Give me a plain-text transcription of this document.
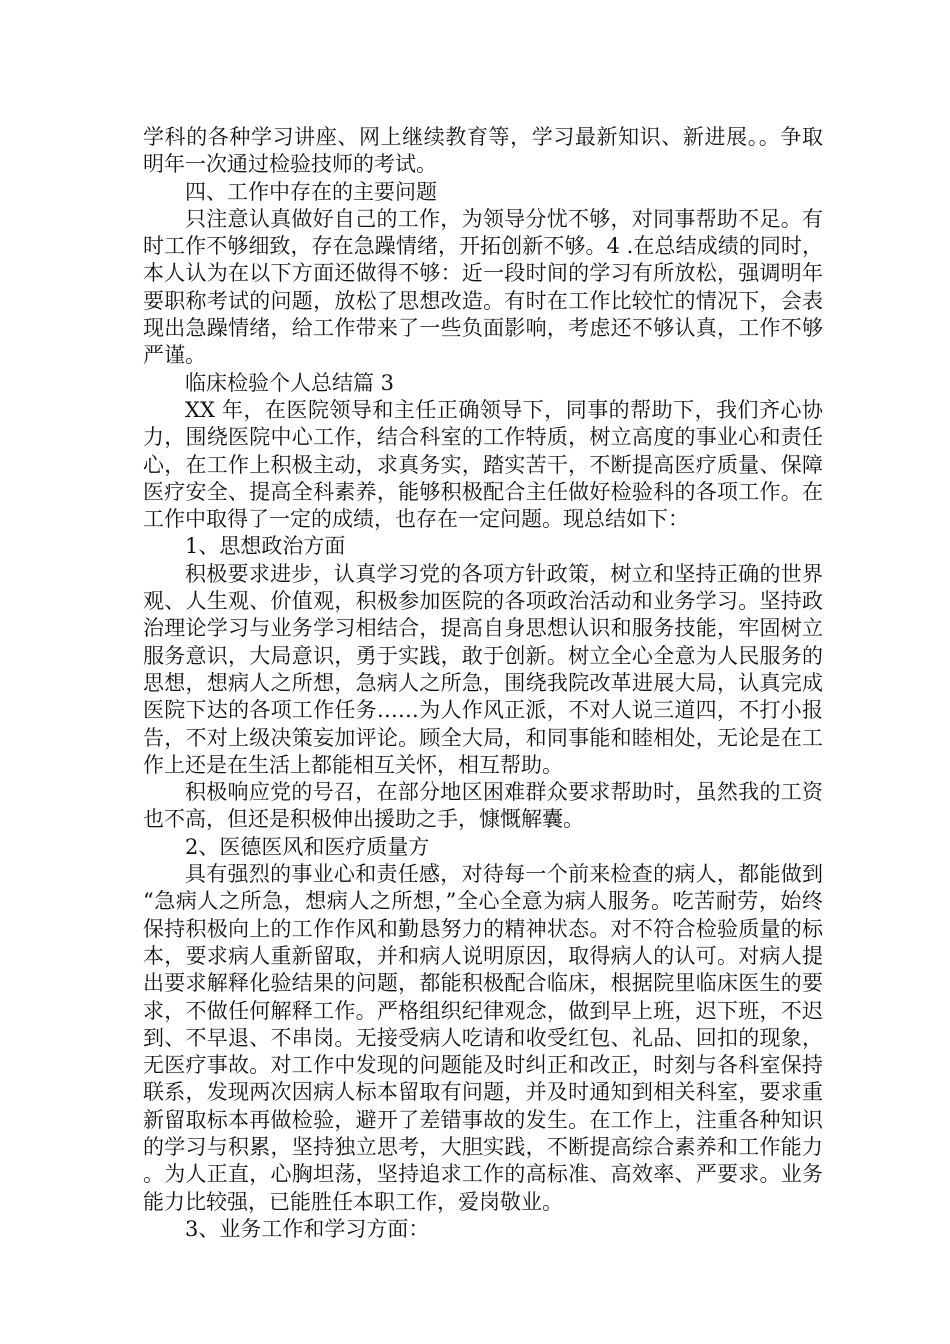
学科的各种学习讲座、网上继续教育等，学习最新知识、新进展。。争取明年一次通过检验技师的考试。

四、工作中存在的主要问题

只注意认真做好自己的工作，为领导分忧不够，对同事帮助不足。有时工作不够细致，存在急躁情绪，开拓创新不够。4 .在总结成绩的同时，本人认为在以下方面还做得不够：近一段时间的学习有所放松，强调明年要职称考试的问题，放松了思想改造。有时在工作比较忙的情况下，会表现出急躁情绪，给工作带来了一些负面影响，考虑还不够认真，工作不够严谨。

临床检验个人总结篇 3

XX 年，在医院领导和主任正确领导下，同事的帮助下，我们齐心协力，围绕医院中心工作，结合科室的工作特质，树立高度的事业心和责任心，在工作上积极主动，求真务实，踏实苦干，不断提高医疗质量、保障医疗安全、提高全科素养，能够积极配合主任做好检验科的各项工作。在工作中取得了一定的成绩，也存在一定问题。现总结如下：

1、思想政治方面

积极要求进步，认真学习党的各项方针政策，树立和坚持正确的世界观、人生观、价值观，积极参加医院的各项政治活动和业务学习。坚持政治理论学习与业务学习相结合，提高自身思想认识和服务技能，牢固树立服务意识，大局意识，勇于实践，敢于创新。树立全心全意为人民服务的思想，想病人之所想，急病人之所急，围绕我院改革进展大局，认真完成医院下达的各项工作任务……为人作风正派，不对人说三道四，不打小报告，不对上级决策妄加评论。顾全大局，和同事能和睦相处，无论是在工作上还是在生活上都能相互关怀，相互帮助。

积极响应党的号召，在部分地区困难群众要求帮助时，虽然我的工资也不高，但还是积极伸出援助之手，慷慨解囊。

2、医德医风和医疗质量方

具有强烈的事业心和责任感，对待每一个前来检查的病人，都能做到“急病人之所急，想病人之所想，”全心全意为病人服务。吃苦耐劳，始终保持积极向上的工作作风和勤恳努力的精神状态。对不符合检验质量的标本，要求病人重新留取，并和病人说明原因，取得病人的认可。对病人提出要求解释化验结果的问题，都能积极配合临床，根据院里临床医生的要求，不做任何解释工作。严格组织纪律观念，做到早上班，迟下班，不迟到、不早退、不串岗。无接受病人吃请和收受红包、礼品、回扣的现象，无医疗事故。对工作中发现的问题能及时纠正和改正，时刻与各科室保持联系，发现两次因病人标本留取有问题，并及时通知到相关科室，要求重新留取标本再做检验，避开了差错事故的发生。在工作上，注重各种知识的学习与积累，坚持独立思考，大胆实践，不断提高综合素养和工作能力。为人正直，心胸坦荡，坚持追求工作的高标准、高效率、严要求。业务能力比较强，已能胜任本职工作，爱岗敬业。

3、业务工作和学习方面：
